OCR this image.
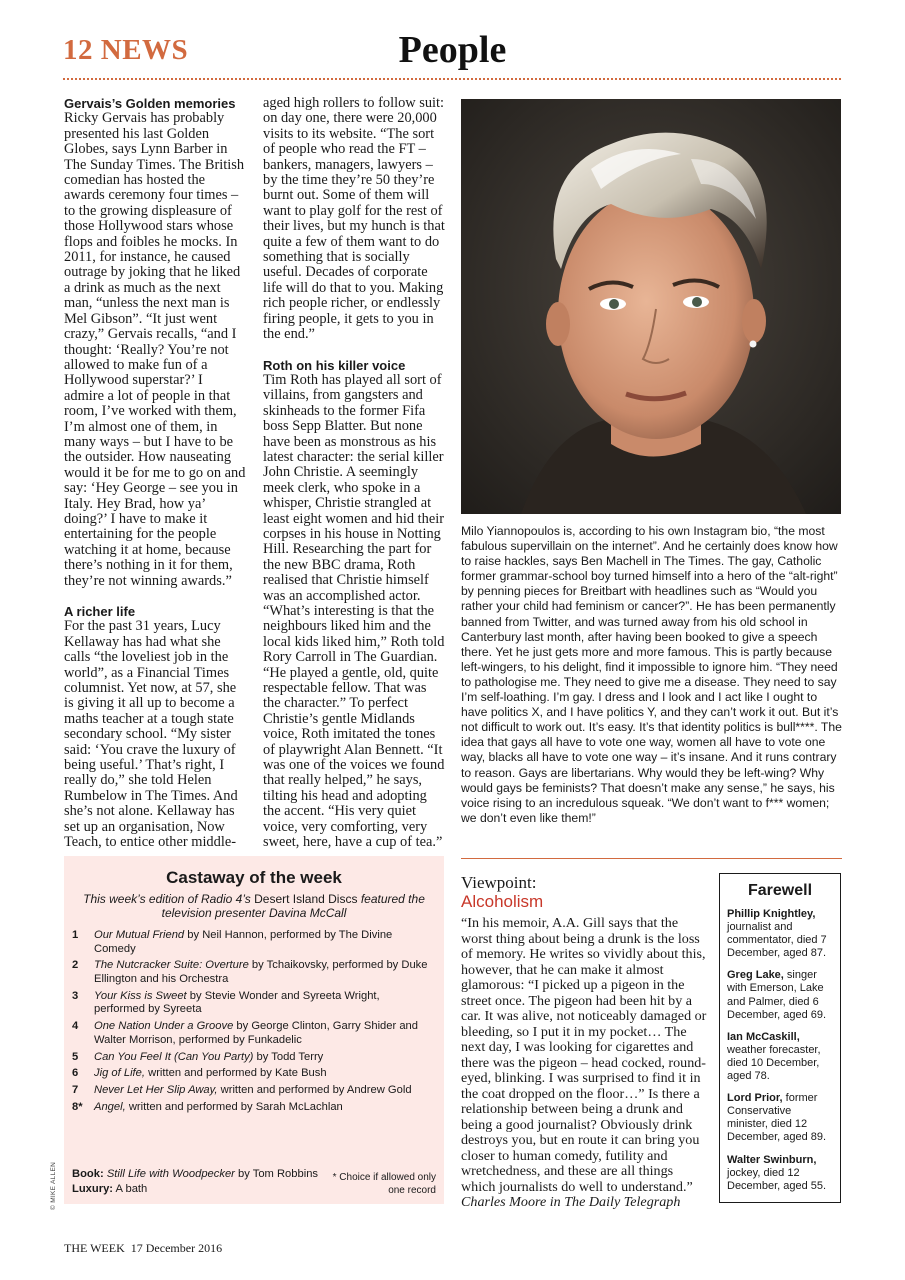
12 NEWS	People
Gervais’s Golden memories

Ricky Gervais has probably presented his last Golden Globes, says Lynn Barber in The Sunday Times. The British comedian has hosted the awards ceremony four times – to the growing displeasure of those Hollywood stars whose flops and foibles he mocks. In 2011, for instance, he caused outrage by joking that he liked a drink as much as the next man, “unless the next man is Mel Gibson”. “It just went crazy,” Gervais recalls, “and I thought: ‘Really? You’re not allowed to make fun of a Hollywood superstar?’ I admire a lot of people in that room, I’ve worked with them, I’m almost one of them, in many ways – but I have to be the outsider. How nauseating would it be for me to go on and say: ‘Hey George – see you in Italy. Hey Brad, how ya’ doing?’ I have to make it entertaining for the people watching it at home, because there’s nothing in it for them, they’re not winning awards.”

A richer life

For the past 31 years, Lucy Kellaway has had what she calls “the loveliest job in the world”, as a Financial Times columnist. Yet now, at 57, she is giving it all up to become a maths teacher at a tough state secondary school. “My sister said: ‘You crave the luxury of being useful.’ That’s right, I really do,” she told Helen Rumbelow in The Times. And she’s not alone. Kellaway has set up an organisation, Now Teach, to entice other middle-

aged high rollers to follow suit: on day one, there were 20,000 visits to its website. “The sort of people who read the FT – bankers, managers, lawyers – by the time they’re 50 they’re burnt out. Some of them will want to play golf for the rest of their lives, but my hunch is that quite a few of them want to do something that is socially useful. Decades of corporate life will do that to you. Making rich people richer, or endlessly firing people, it gets to you in the end.”

Roth on his killer voice

Tim Roth has played all sort of villains, from gangsters and skinheads to the former Fifa boss Sepp Blatter. But none have been as monstrous as his latest character: the serial killer John Christie. A seemingly meek clerk, who spoke in a whisper, Christie strangled at least eight women and hid their corpses in his house in Notting Hill. Researching the part for the new BBC drama, Roth realised that Christie himself was an accomplished actor. “What’s interesting is that the neighbours liked him and the local kids liked him,” Roth told Rory Carroll in The Guardian. “He played a gentle, old, quite respectable fellow. That was the character.” To perfect Christie’s gentle Midlands voice, Roth imitated the tones of playwright Alan Bennett. “It was one of the voices we found that really helped,” he says, tilting his head and adopting the accent. “His very quiet voice, very comforting, very sweet, here, have a cup of tea.”

Milo Yiannopoulos is, according to his own Instagram bio, “the most fabulous supervillain on the internet”. And he certainly does know how to raise hackles, says Ben Machell in The Times. The gay, Catholic former grammar-school boy turned himself into a hero of the “alt-right” by penning pieces for Breitbart with headlines such as “Would you rather your child had feminism or cancer?”. He has been permanently banned from Twitter, and was turned away from his old school in Canterbury last month, after having been booked to give a speech there. Yet he just gets more and more famous. This is partly because left-wingers, to his delight, find it impossible to ignore him. “They need to pathologise me. They need to give me a disease. They need to say I’m self-loathing. I’m gay. I dress and I look and I act like I ought to have politics X, and I have politics Y, and they can’t work it out. But it’s not difficult to work out. It’s easy. It’s that identity politics is bull****. The idea that gays all have to vote one way, women all have to vote one way, blacks all have to vote one way – it’s insane. And it runs contrary to reason. Gays are libertarians. Why would they be left-wing? Why would gays be feminists? That doesn’t make any sense,” he says, his voice rising to an incredulous squeak. “We don’t want to f*** women; we don’t even like them!”
Castaway of the week
This week’s edition of Radio 4’s Desert Island Discs featured the television presenter Davina McCall
1	Our Mutual Friend by Neil Hannon, performed by The Divine Comedy
2	The Nutcracker Suite: Overture by Tchaikovsky, performed by Duke Ellington and his Orchestra
3	Your Kiss is Sweet by Stevie Wonder and Syreeta Wright, performed by Syreeta
4	One Nation Under a Groove by George Clinton, Garry Shider and Walter Morrison, performed by Funkadelic
5	Can You Feel It (Can You Party) by Todd Terry
6	Jig of Life, written and performed by Kate Bush
7	Never Let Her Slip Away, written and performed by Andrew Gold
8*	Angel, written and performed by Sarah McLachlan
Book: Still Life with Woodpecker by Tom Robbins
Luxury: A bath
* Choice if allowed only one record
© MIKE ALLEN
Viewpoint:
Alcoholism
“In his memoir, A.A. Gill says that the worst thing about being a drunk is the loss of memory. He writes so vividly about this, however, that he can make it almost glamorous: “I picked up a pigeon in the street once. The pigeon had been hit by a car. It was alive, not noticeably damaged or bleeding, so I put it in my pocket… The next day, I was looking for cigarettes and there was the pigeon – head cocked, round-eyed, blinking. I was surprised to find it in the coat dropped on the floor…” Is there a relationship between being a drunk and being a good journalist? Obviously drink destroys you, but en route it can bring you closer to human comedy, futility and wretchedness, and these are all things which journalists do well to understand.”
Charles Moore in The Daily Telegraph
Farewell
Phillip Knightley, journalist and commentator, died 7 December, aged 87.
Greg Lake, singer with Emerson, Lake and Palmer, died 6 December, aged 69.
Ian McCaskill, weather forecaster, died 10 December, aged 78.
Lord Prior, former Conservative minister, died 12 December, aged 89.
Walter Swinburn, jockey, died 12 December, aged 55.
THE WEEK  17 December 2016
